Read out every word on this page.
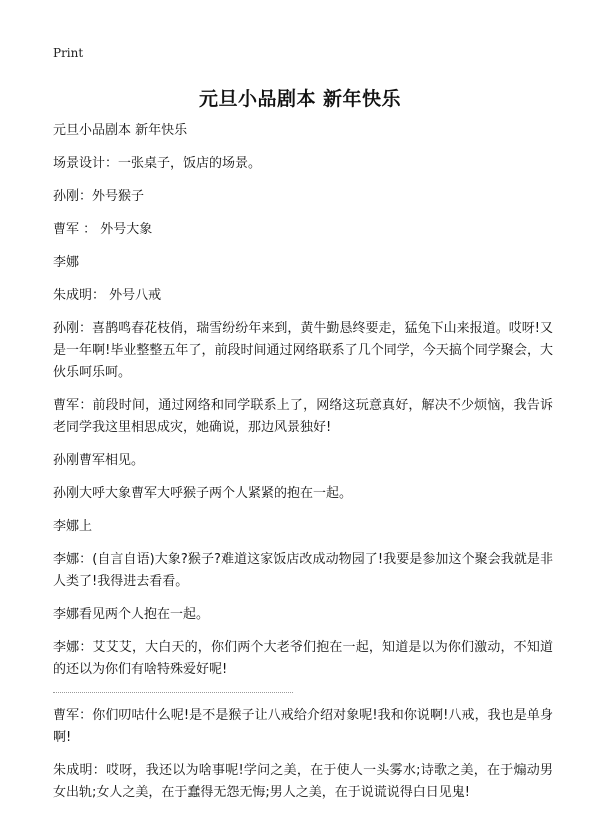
Print
元旦小品剧本 新年快乐

元旦小品剧本 新年快乐

场景设计：一张桌子，饭店的场景。

孙刚：外号猴子

曹军 ： 外号大象

李娜

朱成明： 外号八戒

孙刚：喜鹊鸣春花枝俏，瑞雪纷纷年来到，黄牛勤恳终要走，猛兔下山来报道。哎呀!又是一年啊!毕业整整五年了，前段时间通过网络联系了几个同学，今天搞个同学聚会，大伙乐呵乐呵。

曹军：前段时间，通过网络和同学联系上了，网络这玩意真好，解决不少烦恼，我告诉老同学我这里相思成灾，她确说，那边风景独好!

孙刚曹军相见。

孙刚大呼大象曹军大呼猴子两个人紧紧的抱在一起。

李娜上

李娜：(自言自语)大象?猴子?难道这家饭店改成动物园了!我要是参加这个聚会我就是非人类了!我得进去看看。

李娜看见两个人抱在一起。

李娜：艾艾艾，大白天的，你们两个大老爷们抱在一起，知道是以为你们激动，不知道的还以为你们有啥特殊爱好呢!

曹军：你们叨咕什么呢!是不是猴子让八戒给介绍对象呢!我和你说啊!八戒，我也是单身啊!

朱成明：哎呀，我还以为啥事呢!学问之美，在于使人一头雾水;诗歌之美，在于煽动男女出轨;女人之美，在于蠢得无怨无悔;男人之美，在于说谎说得白日见鬼!
